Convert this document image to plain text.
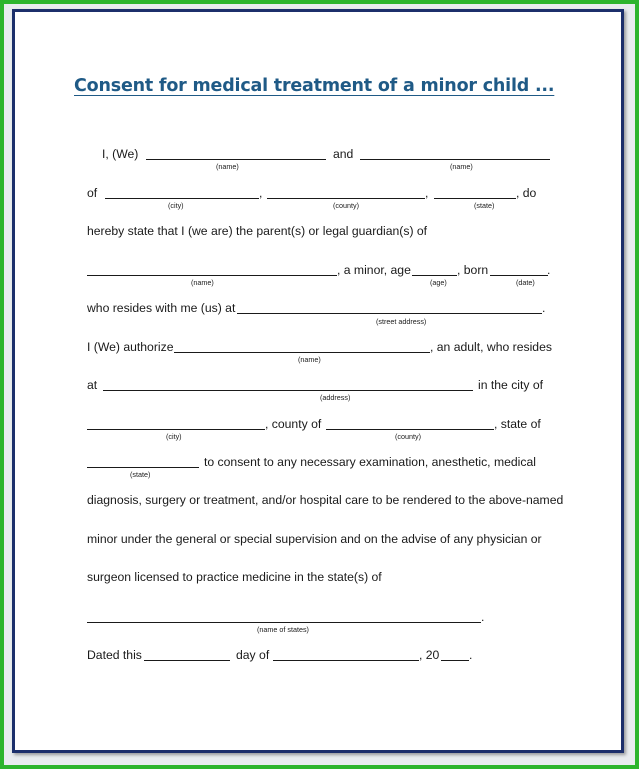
Consent for medical treatment of a minor child ...
I, (We)
(name)
and
(name)
of	,
(city)
,
(county)
, do
(state)
hereby state that I (we are) the parent(s) or legal guardian(s) of
(name)
, a minor, age
(age)
, born	.
(date)
who resides with me (us) at	.
(street address)
I (We) authorize
(name)
, an adult, who resides
at
(address)
in the city of
(city)
, county of
(county)
, state of
(state)
to consent to any necessary examination, anesthetic, medical
diagnosis, surgery or treatment, and/or hospital care to be rendered to the above-named
minor under the general or special supervision and on the advise of any physician or
surgeon licensed to practice medicine in the state(s) of
.
(name of states)
Dated this	day of	, 20 .
